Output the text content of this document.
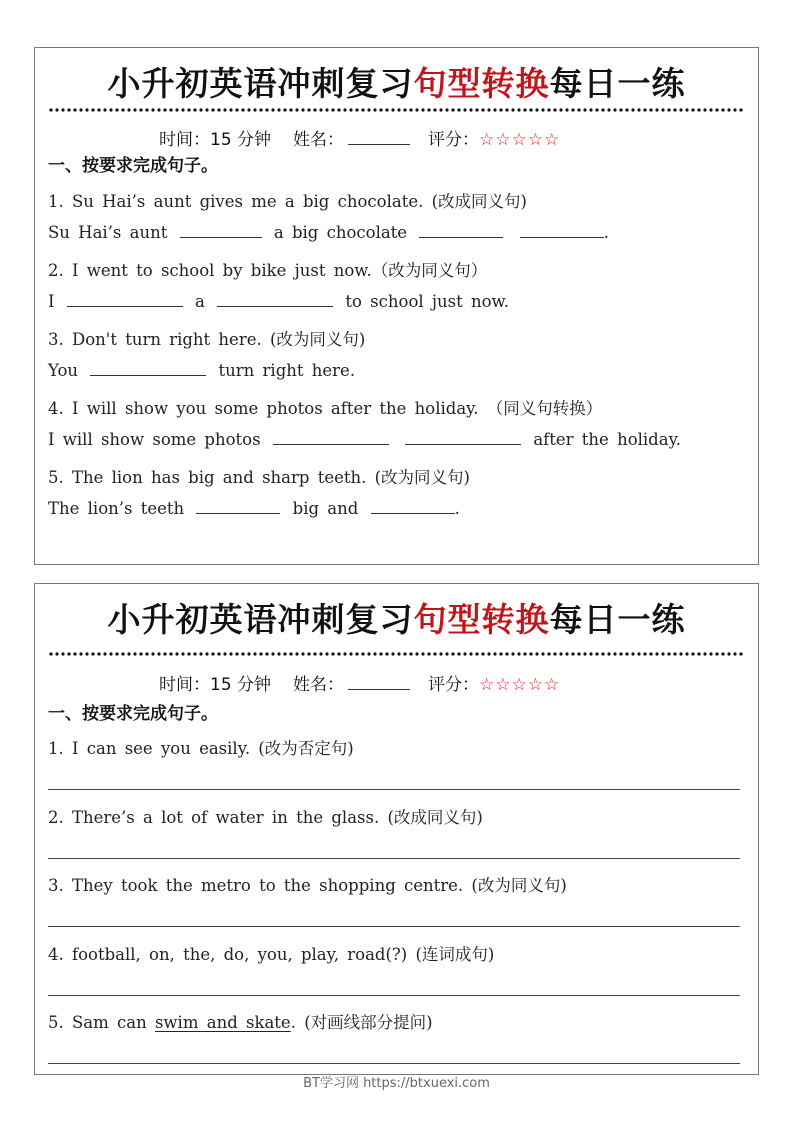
小升初英语冲刺复习句型转换每日一练
时间：15 分钟 姓名：	评分：☆☆☆☆☆
一、按要求完成句子。
1. Su Hai’s aunt gives me a big chocolate. (改成同义句)
Su Hai’s aunt	a big chocolate	.
2. I went to school by bike just now.（改为同义句）
I	a	to school just now.
3. Don't turn right here. (改为同义句)
You	turn right here.
4. I will show you some photos after the holiday. （同义句转换）
I will show some photos	after the holiday.
5. The lion has big and sharp teeth. (改为同义句)
The lion’s teeth	big and	.
小升初英语冲刺复习句型转换每日一练
时间：15 分钟 姓名：	评分：☆☆☆☆☆
一、按要求完成句子。
1. I can see you easily. (改为否定句)
2. There’s a lot of water in the glass. (改成同义句)
3. They took the metro to the shopping centre. (改为同义句)
4. football, on, the, do, you, play, road(?) (连词成句)
5. Sam can swim and skate. (对画线部分提问)
BT学习网 https://btxuexi.com
